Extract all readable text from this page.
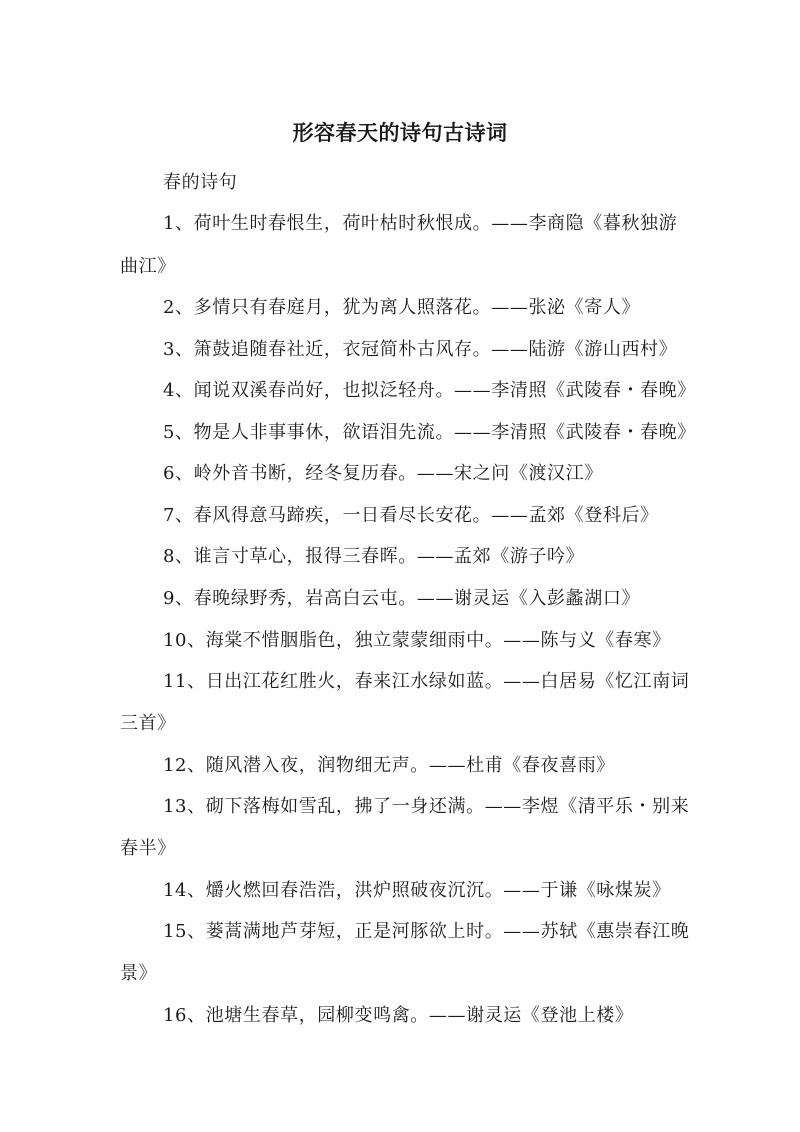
形容春天的诗句古诗词
春的诗句
1、荷叶生时春恨生，荷叶枯时秋恨成。——李商隐《暮秋独游
曲江》
2、多情只有春庭月，犹为离人照落花。——张泌《寄人》
3、箫鼓追随春社近，衣冠简朴古风存。——陆游《游山西村》
4、闻说双溪春尚好，也拟泛轻舟。——李清照《武陵春・春晚》
5、物是人非事事休，欲语泪先流。——李清照《武陵春・春晚》
6、岭外音书断，经冬复历春。——宋之问《渡汉江》
7、春风得意马蹄疾，一日看尽长安花。——孟郊《登科后》
8、谁言寸草心，报得三春晖。——孟郊《游子吟》
9、春晚绿野秀，岩高白云屯。——谢灵运《入彭蠡湖口》
10、海棠不惜胭脂色，独立蒙蒙细雨中。——陈与义《春寒》
11、日出江花红胜火，春来江水绿如蓝。——白居易《忆江南词
三首》
12、随风潜入夜，润物细无声。——杜甫《春夜喜雨》
13、砌下落梅如雪乱，拂了一身还满。——李煜《清平乐・别来
春半》
14、爝火燃回春浩浩，洪炉照破夜沉沉。——于谦《咏煤炭》
15、蒌蒿满地芦芽短，正是河豚欲上时。——苏轼《惠崇春江晚
景》
16、池塘生春草，园柳变鸣禽。——谢灵运《登池上楼》
